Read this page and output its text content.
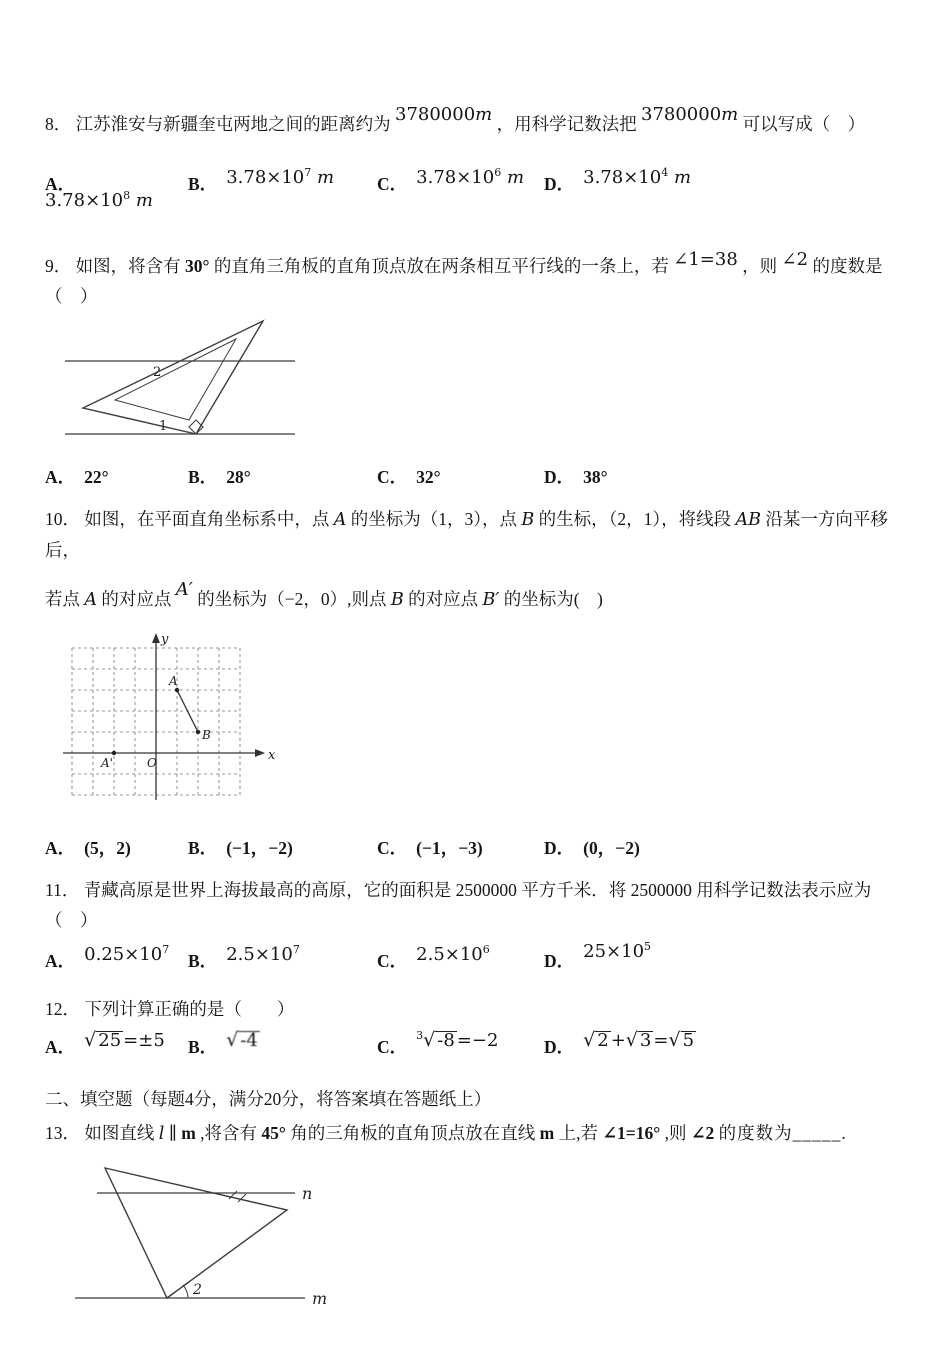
8． 江苏淮安与新疆奎屯两地之间的距离约为 3780000m ，用科学记数法把 3780000m 可以写成（　）
A．$3.78\times 10^8$ m
B． $3.78\times 10^7$ m	C． $3.78\times 10^6$ m	D． $3.78\times 10^4$ m
9． 如图，将含有 30° 的直角三角板的直角顶点放在两条相互平行线的一条上，若 ∠1=38 ，则 ∠2 的度数是（　）
2
1
A． 22°	B． 28°	C． 32°	D． 38°
10． 如图，在平面直角坐标系中，点 A 的坐标为（1，3），点 B 的生标，（2，1），将线段 AB 沿某一方向平移后，
若点 A 的对应点 A′ 的坐标为（−2，0）,则点 B 的对应点 B′ 的坐标为(　)
A
B
A'	O
y
x
A． (5，2)	B． (−1，−2)	C． (−1，−3)	D． (0，−2)
11． 青藏高原是世界上海拔最高的高原，它的面积是 2500000 平方千米．将 2500000 用科学记数法表示应为（　）
A． $0.25\times 10^7$
B． $2.5\times 10^7$
C． $2.5\times 10^6$
D． $25\times 10^5$
12． 下列计算正确的是（　　）
A． √ 25 =±5	B． √ -4	C．$^3$√ -8 =−2	D． √ 2 +√ 3 =√ 5
二、填空题（每题4分，满分20分，将答案填在答题纸上）
13． 如图直线 l ∥ m ,将含有 45° 角的三角板的直角顶点放在直线 m 上,若 ∠1=16° ,则 ∠2 的度数为_____.
2
n
m
